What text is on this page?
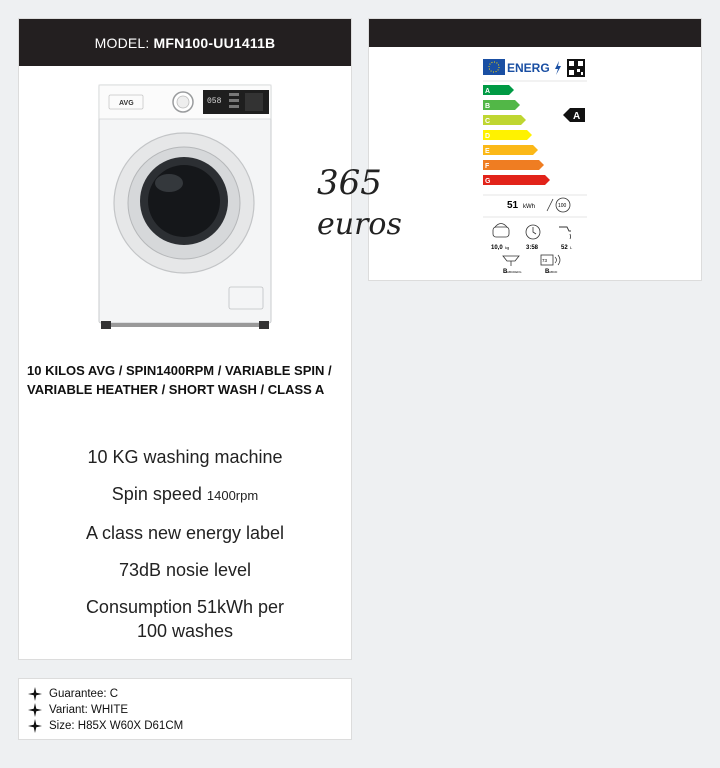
MODEL: MFN100-UU1411B
AVG	058
10 KILOS AVG / SPIN1400RPM / VARIABLE SPIN / VARIABLE HEATHER / SHORT WASH / CLASS A
10 KG washing machine
Spin speed 1400rpm
A class new energy label
73dB nosie level
Consumption 51kWh per 100 washes
Guarantee: C
Variant: WHITE
Size: H85X W60X D61CM
ENERG
A
B
C
D
E
F
G
A
51 kWh	100
10,0 kg	3:58	52 L
B ABCDEFG
73
B ABCD
365
euros
